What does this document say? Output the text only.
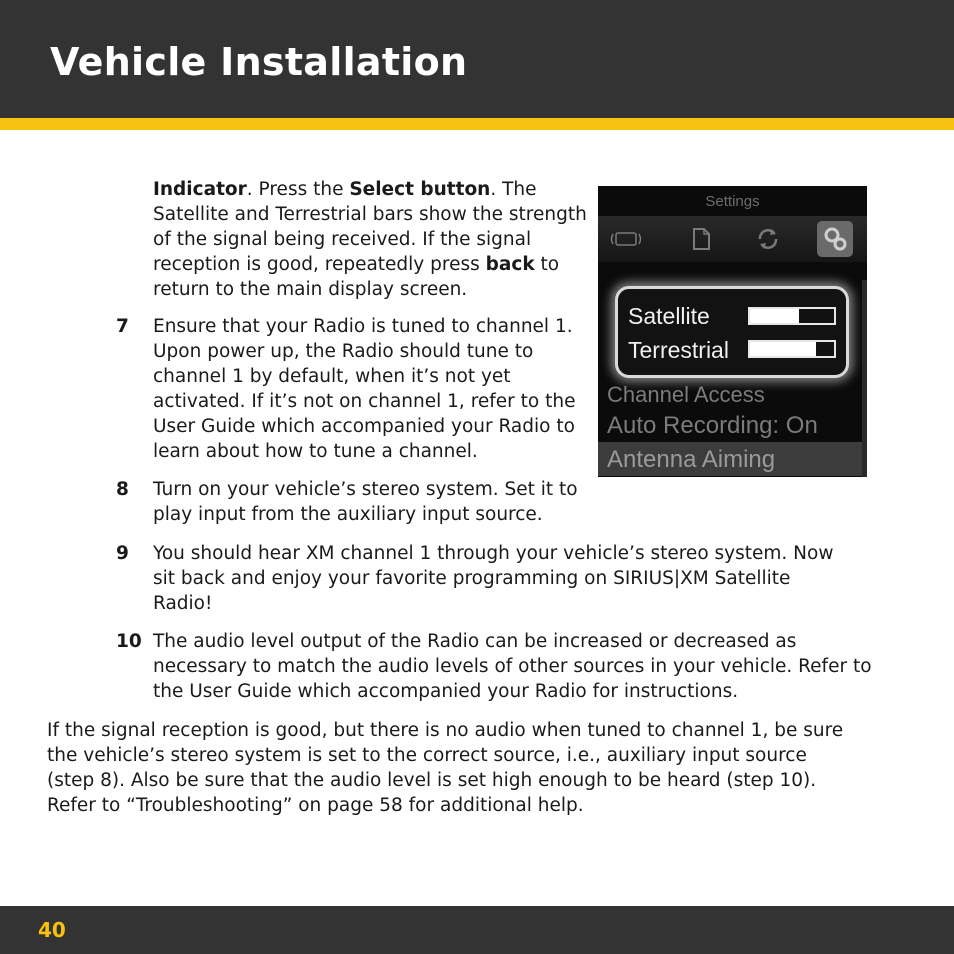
Vehicle Installation
Indicator. Press the Select button. The Satellite and Terrestrial bars show the strength of the signal being received. If the signal reception is good, repeatedly press back to return to the main display screen.
7 Ensure that your Radio is tuned to channel 1. Upon power up, the Radio should tune to channel 1 by default, when it’s not yet activated. If it’s not on channel 1, refer to the User Guide which accompanied your Radio to learn about how to tune a channel.
8 Turn on your vehicle’s stereo system. Set it to play input from the auxiliary input source.
9 You should hear XM channel 1 through your vehicle’s stereo system. Now sit back and enjoy your favorite programming on SIRIUS|XM Satellite Radio!
10 The audio level output of the Radio can be increased or decreased as necessary to match the audio levels of other sources in your vehicle. Refer to the User Guide which accompanied your Radio for instructions.
If the signal reception is good, but there is no audio when tuned to channel 1, be sure the vehicle’s stereo system is set to the correct source, i.e., auxiliary input source (step 8). Also be sure that the audio level is set high enough to be heard (step 10). Refer to “Troubleshooting” on page 58 for additional help.
Settings
Channel Access
Auto Recording: On
Antenna Aiming
Satellite
Terrestrial
40
